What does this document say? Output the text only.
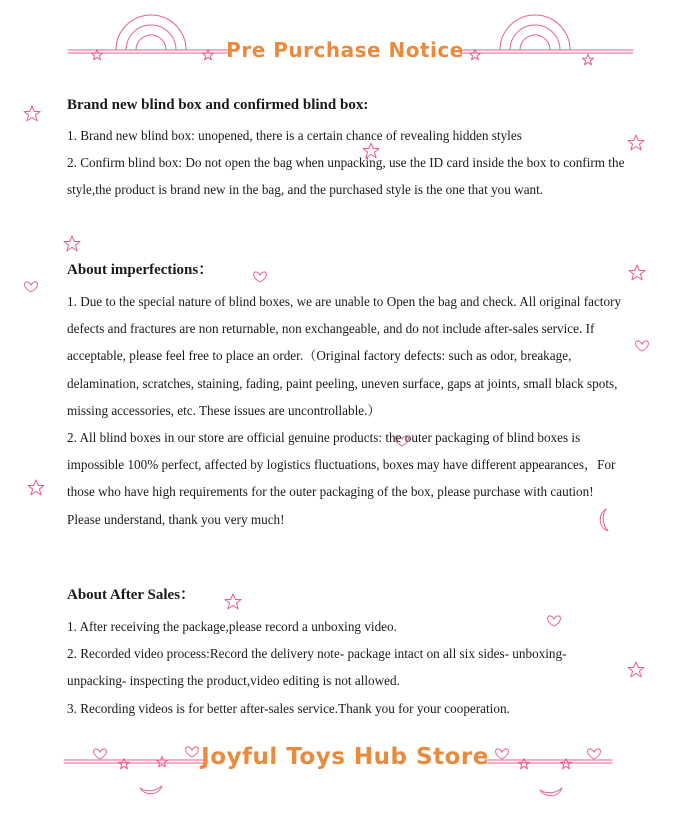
Pre Purchase Notice
Brand new blind box and confirmed blind box:

1. Brand new blind box: unopened, there is a certain chance of revealing hidden styles

2. Confirm blind box: Do not open the bag when unpacking, use the ID card inside the box to confirm the style,the product is brand new in the bag, and the purchased style is the one that you want.

About imperfections：

1. Due to the special nature of blind boxes, we are unable to Open the bag and check. All original factory defects and fractures are non returnable, non exchangeable, and do not include after-sales service. If acceptable, please feel free to place an order.（Original factory defects: such as odor, breakage, delamination, scratches, staining, fading, paint peeling, uneven surface, gaps at joints, small black spots, missing accessories, etc. These issues are uncontrollable.）

2. All blind boxes in our store are official genuine products: the outer packaging of blind boxes is impossible 100% perfect, affected by logistics fluctuations, boxes may have different appearances，For those who have high requirements for the outer packaging of the box, please purchase with caution! Please understand, thank you very much!

About After Sales：

1. After receiving the package,please record a unboxing video.

2. Recorded video process:Record the delivery note- package intact on all six sides- unboxing- unpacking- inspecting the product,video editing is not allowed.

3. Recording videos is for better after-sales service.Thank you for your cooperation.

Joyful Toys Hub Store
